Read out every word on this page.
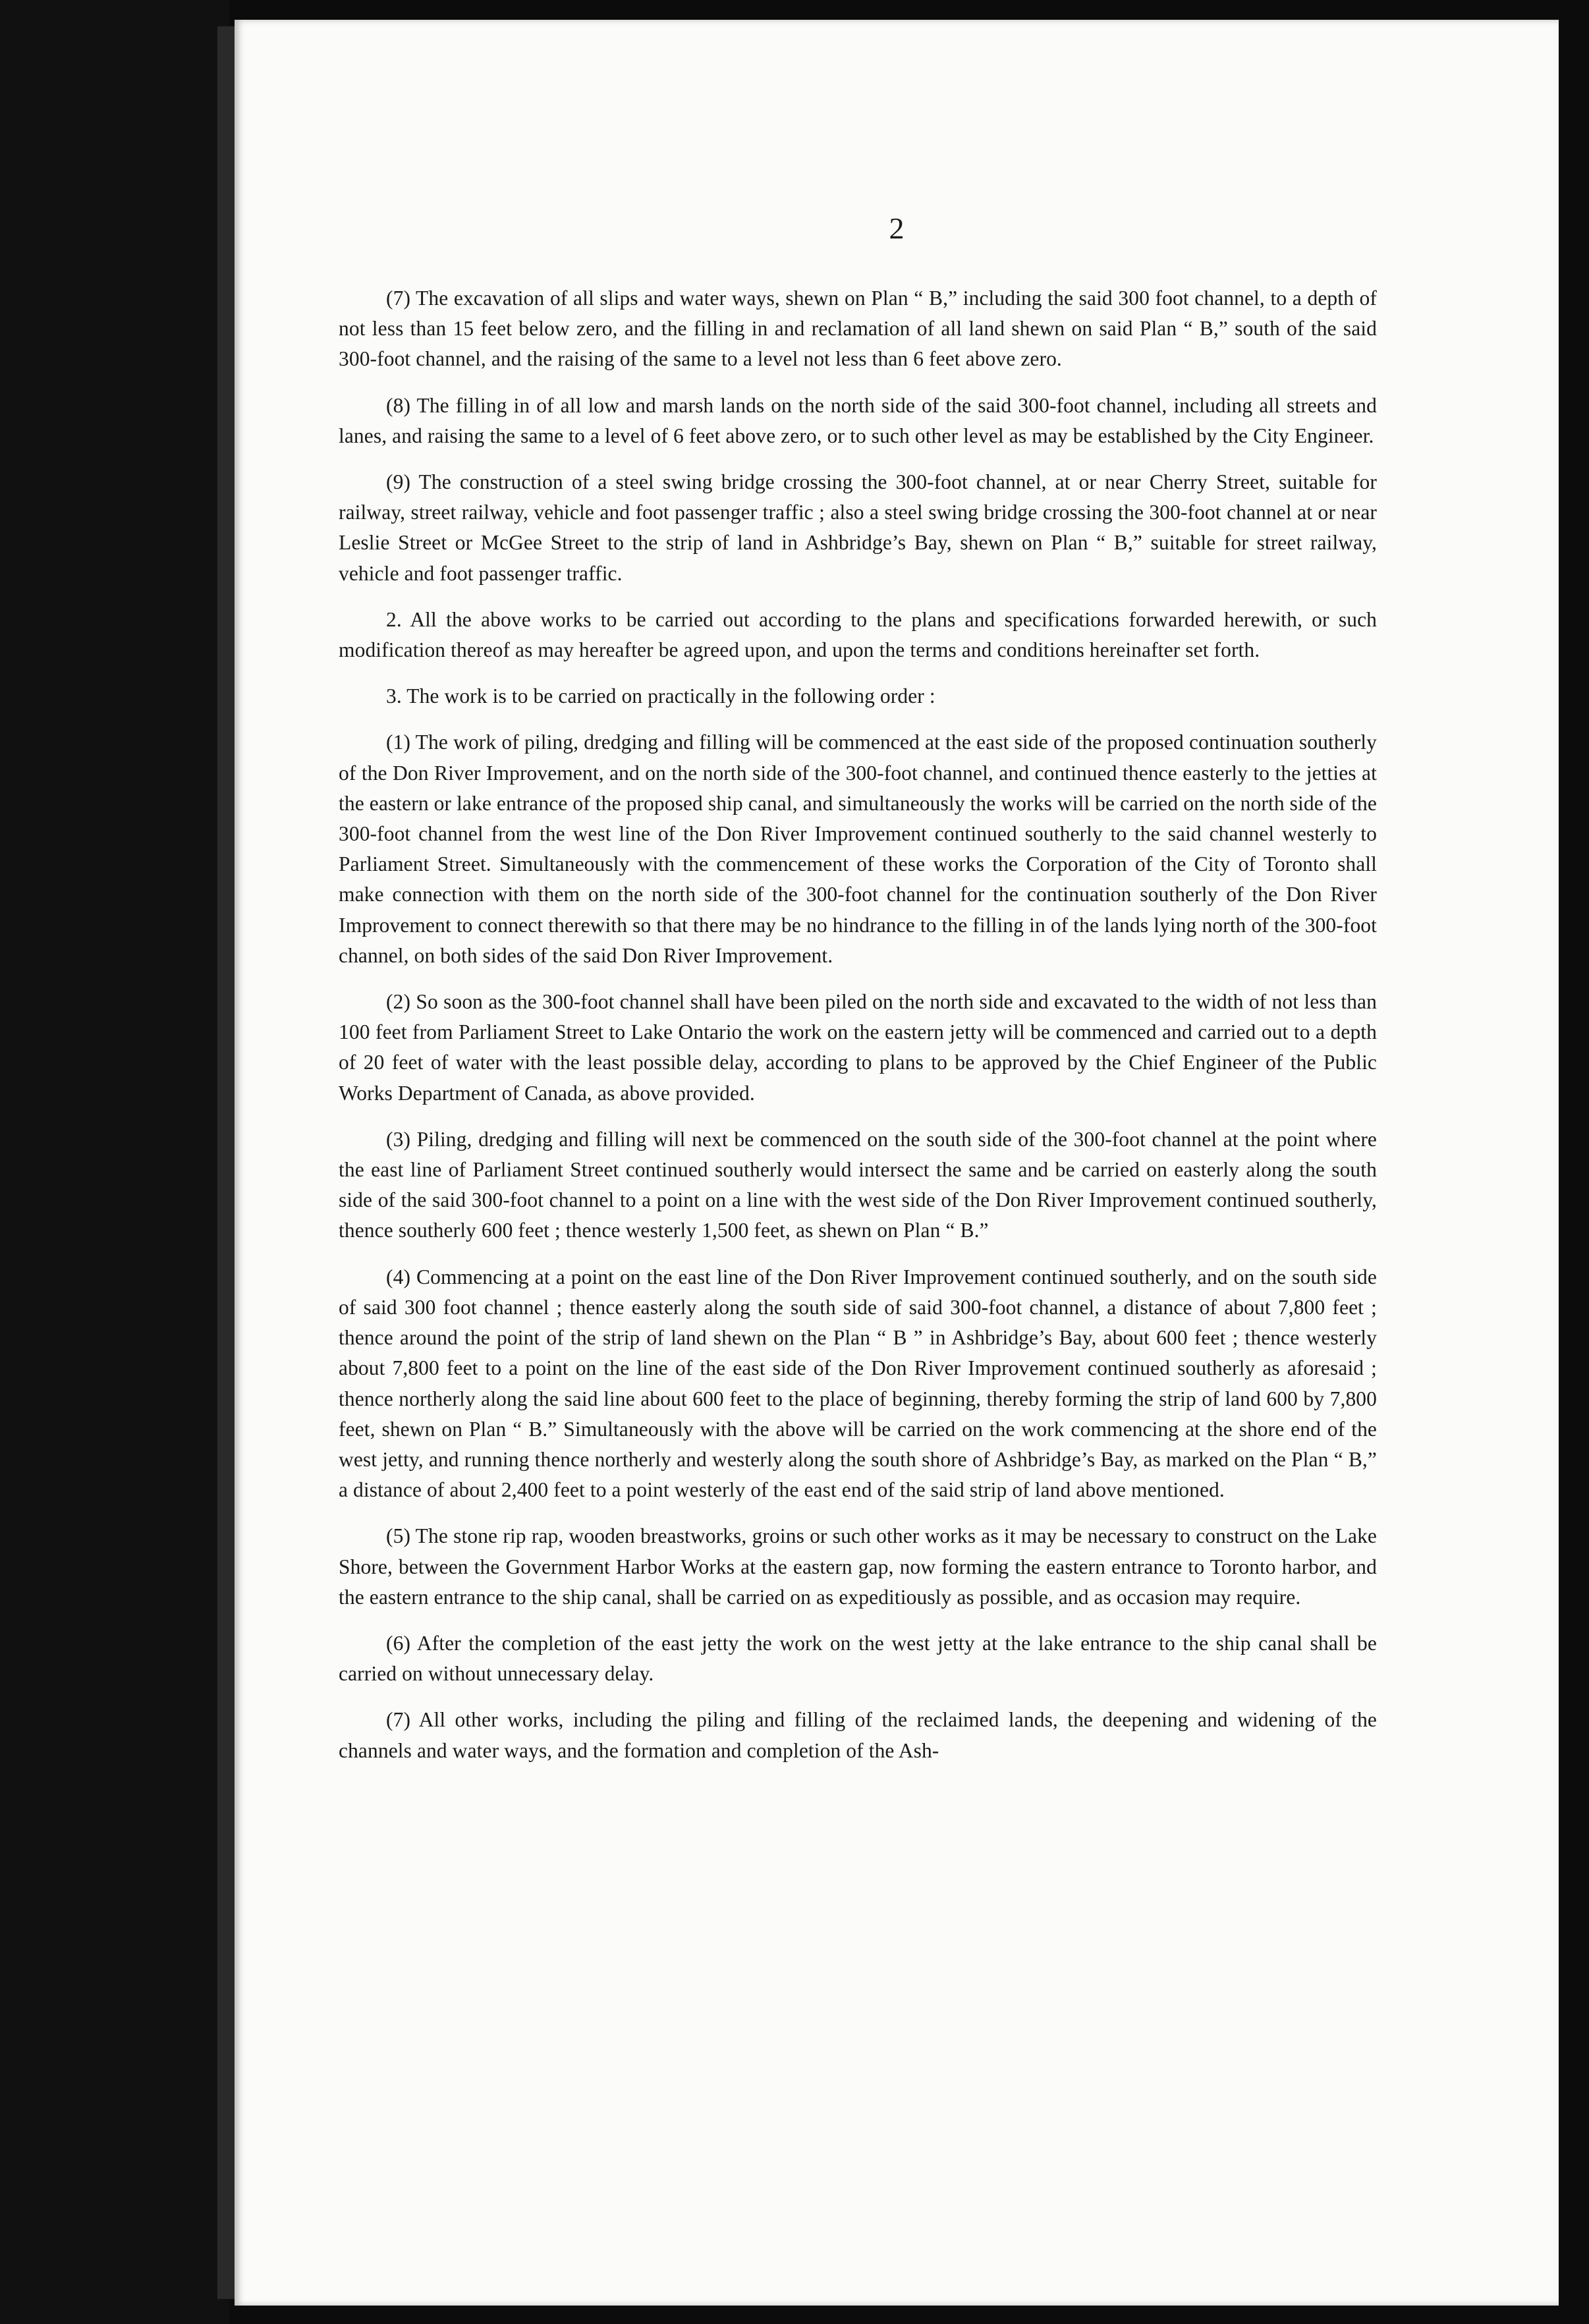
2

(7) The excavation of all slips and water ways, shewn on Plan “ B,” including the said 300 foot channel, to a depth of not less than 15 feet below zero, and the filling in and reclamation of all land shewn on said Plan “ B,” south of the said 300-foot channel, and the raising of the same to a level not less than 6 feet above zero.

(8) The filling in of all low and marsh lands on the north side of the said 300-foot channel, including all streets and lanes, and raising the same to a level of 6 feet above zero, or to such other level as may be established by the City Engineer.

(9) The construction of a steel swing bridge crossing the 300-foot channel, at or near Cherry Street, suitable for railway, street railway, vehicle and foot passenger traffic ; also a steel swing bridge crossing the 300-foot channel at or near Leslie Street or McGee Street to the strip of land in Ashbridge’s Bay, shewn on Plan “ B,” suitable for street railway, vehicle and foot passenger traffic.

2. All the above works to be carried out according to the plans and specifications forwarded herewith, or such modification thereof as may hereafter be agreed upon, and upon the terms and conditions hereinafter set forth.

3. The work is to be carried on practically in the following order :

(1) The work of piling, dredging and filling will be commenced at the east side of the proposed continuation southerly of the Don River Improvement, and on the north side of the 300-foot channel, and continued thence easterly to the jetties at the eastern or lake entrance of the proposed ship canal, and simultaneously the works will be carried on the north side of the 300-foot channel from the west line of the Don River Improvement continued southerly to the said channel westerly to Parliament Street. Simultaneously with the commencement of these works the Corporation of the City of Toronto shall make connection with them on the north side of the 300-foot channel for the continuation southerly of the Don River Improvement to connect therewith so that there may be no hindrance to the filling in of the lands lying north of the 300-foot channel, on both sides of the said Don River Improvement.

(2) So soon as the 300-foot channel shall have been piled on the north side and excavated to the width of not less than 100 feet from Parliament Street to Lake Ontario the work on the eastern jetty will be commenced and carried out to a depth of 20 feet of water with the least possible delay, according to plans to be approved by the Chief Engineer of the Public Works Department of Canada, as above provided.

(3) Piling, dredging and filling will next be commenced on the south side of the 300-foot channel at the point where the east line of Parliament Street continued southerly would intersect the same and be carried on easterly along the south side of the said 300-foot channel to a point on a line with the west side of the Don River Improvement continued southerly, thence southerly 600 feet ; thence westerly 1,500 feet, as shewn on Plan “ B.”

(4) Commencing at a point on the east line of the Don River Improvement continued southerly, and on the south side of said 300 foot channel ; thence easterly along the south side of said 300-foot channel, a distance of about 7,800 feet ; thence around the point of the strip of land shewn on the Plan “ B ” in Ashbridge’s Bay, about 600 feet ; thence westerly about 7,800 feet to a point on the line of the east side of the Don River Improvement continued southerly as aforesaid ; thence northerly along the said line about 600 feet to the place of beginning, thereby forming the strip of land 600 by 7,800 feet, shewn on Plan “ B.” Simultaneously with the above will be carried on the work commencing at the shore end of the west jetty, and running thence northerly and westerly along the south shore of Ashbridge’s Bay, as marked on the Plan “ B,” a distance of about 2,400 feet to a point westerly of the east end of the said strip of land above mentioned.

(5) The stone rip rap, wooden breastworks, groins or such other works as it may be necessary to construct on the Lake Shore, between the Government Harbor Works at the eastern gap, now forming the eastern entrance to Toronto harbor, and the eastern entrance to the ship canal, shall be carried on as expeditiously as possible, and as occasion may require.

(6) After the completion of the east jetty the work on the west jetty at the lake entrance to the ship canal shall be carried on without unnecessary delay.

(7) All other works, including the piling and filling of the reclaimed lands, the deepening and widening of the channels and water ways, and the formation and completion of the Ash-
